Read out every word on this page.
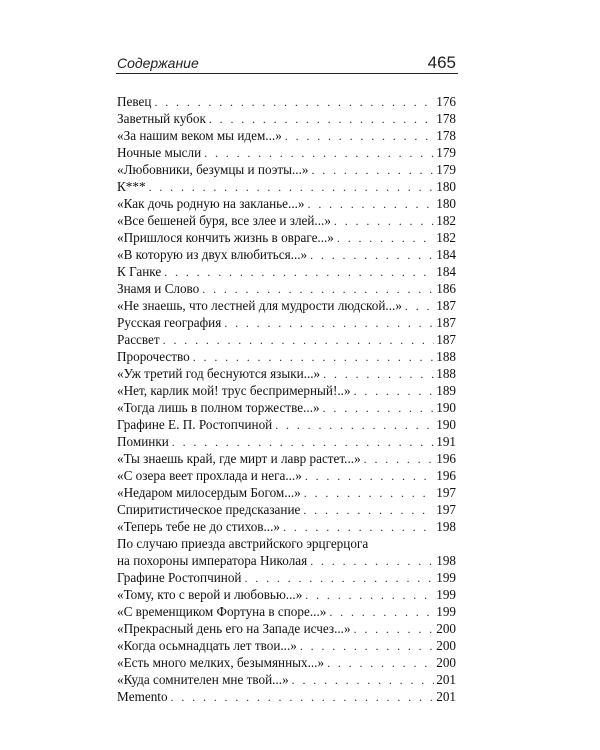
Содержание	465
Певец . . .	176
Заветный кубок . . .	178
«За нашим веком мы идем...» . . .	178
Ночные мысли . . .	179
«Любовники, безумцы и поэты...» . . .	179
К*** . . .	180
«Как дочь родную на закланье...» . . .	180
«Все бешеней буря, все злее и злей...» . . .	182
«Пришлося кончить жизнь в овраге...» . . .	182
«В которую из двух влюбиться...» . . .	184
К Ганке . . .	184
Знамя и Слово . . .	186
«Не знаешь, что лестней для мудрости людской...» . . .	187
Русская география . . .	187
Рассвет . . .	187
Пророчество . . .	188
«Уж третий год беснуются языки...» . . .	188
«Нет, карлик мой! трус беспримерный!..» . . .	189
«Тогда лишь в полном торжестве...» . . .	190
Графине Е. П. Ростопчиной . . .	190
Поминки . . .	191
«Ты знаешь край, где мирт и лавр растет...» . . .	196
«С озера веет прохлада и нега...» . . .	196
«Недаром милосердым Богом...» . . .	197
Спиритистическое предсказание . . .	197
«Теперь тебе не до стихов...» . . .	198
По случаю приезда австрийского эрцгерцога
на похороны императора Николая . . .	198
Графине Ростопчиной . . .	199
«Тому, кто с верой и любовью...» . . .	199
«С временщиком Фортуна в споре...» . . .	199
«Прекрасный день его на Западе исчез...» . . .	200
«Когда осьмнадцать лет твои...» . . .	200
«Есть много мелких, безымянных...» . . .	200
«Куда сомнителен мне твой...» . . .	201
Memento . . .	201
